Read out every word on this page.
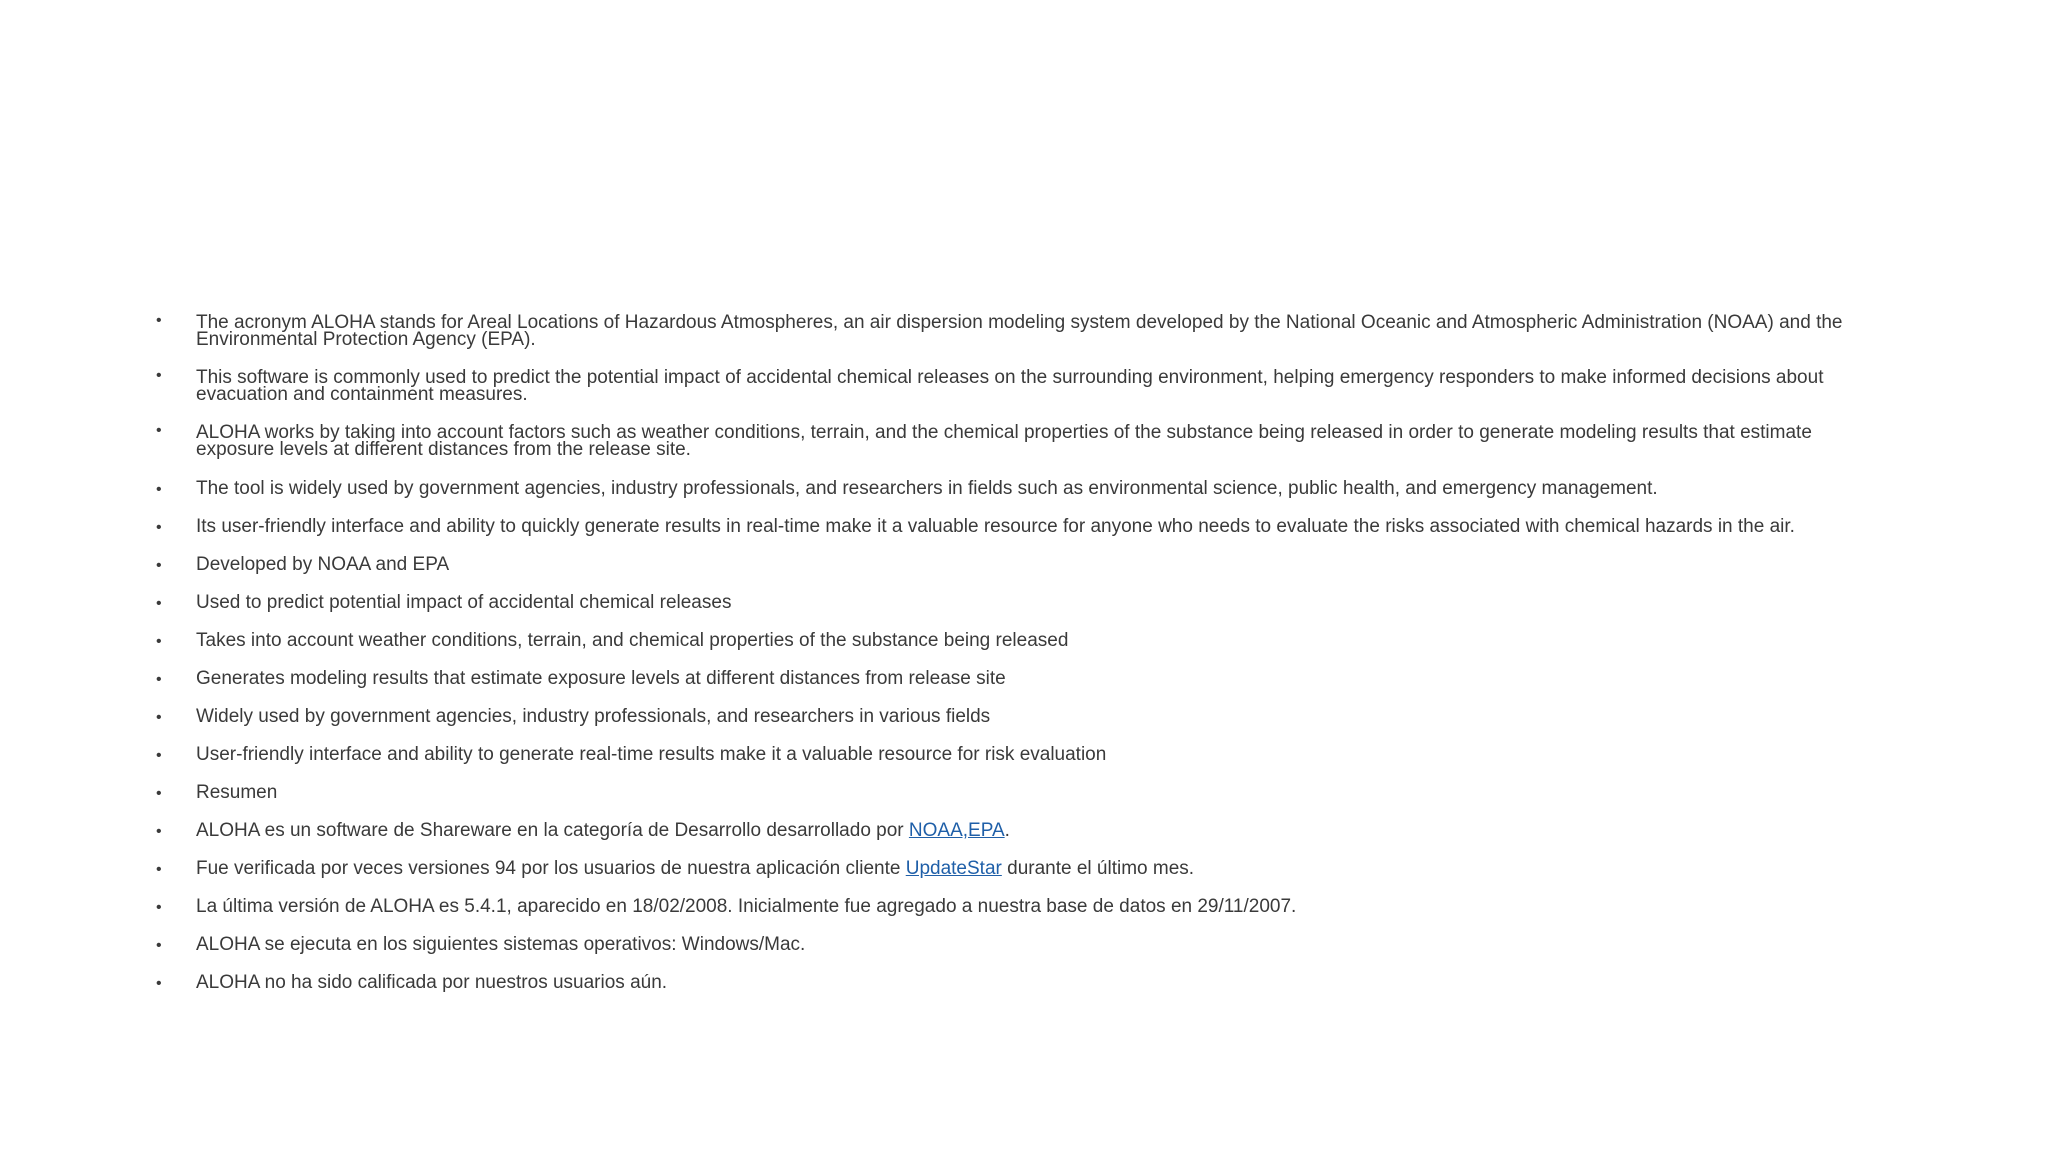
• The acronym ALOHA stands for Areal Locations of Hazardous Atmospheres, an air dispersion modeling system developed by the National Oceanic and Atmospheric Administration (NOAA) and the Environmental Protection Agency (EPA).
• This software is commonly used to predict the potential impact of accidental chemical releases on the surrounding environment, helping emergency responders to make informed decisions about evacuation and containment measures.
• ALOHA works by taking into account factors such as weather conditions, terrain, and the chemical properties of the substance being released in order to generate modeling results that estimate exposure levels at different distances from the release site.
• The tool is widely used by government agencies, industry professionals, and researchers in fields such as environmental science, public health, and emergency management.
• Its user-friendly interface and ability to quickly generate results in real-time make it a valuable resource for anyone who needs to evaluate the risks associated with chemical hazards in the air.
• Developed by NOAA and EPA
• Used to predict potential impact of accidental chemical releases
• Takes into account weather conditions, terrain, and chemical properties of the substance being released
• Generates modeling results that estimate exposure levels at different distances from release site
• Widely used by government agencies, industry professionals, and researchers in various fields
• User-friendly interface and ability to generate real-time results make it a valuable resource for risk evaluation
• Resumen
• ALOHA es un software de Shareware en la categoría de Desarrollo desarrollado por NOAA,EPA.
• Fue verificada por veces versiones 94 por los usuarios de nuestra aplicación cliente UpdateStar durante el último mes.
• La última versión de ALOHA es 5.4.1, aparecido en 18/02/2008. Inicialmente fue agregado a nuestra base de datos en 29/11/2007.
• ALOHA se ejecuta en los siguientes sistemas operativos: Windows/Mac.
• ALOHA no ha sido calificada por nuestros usuarios aún.
